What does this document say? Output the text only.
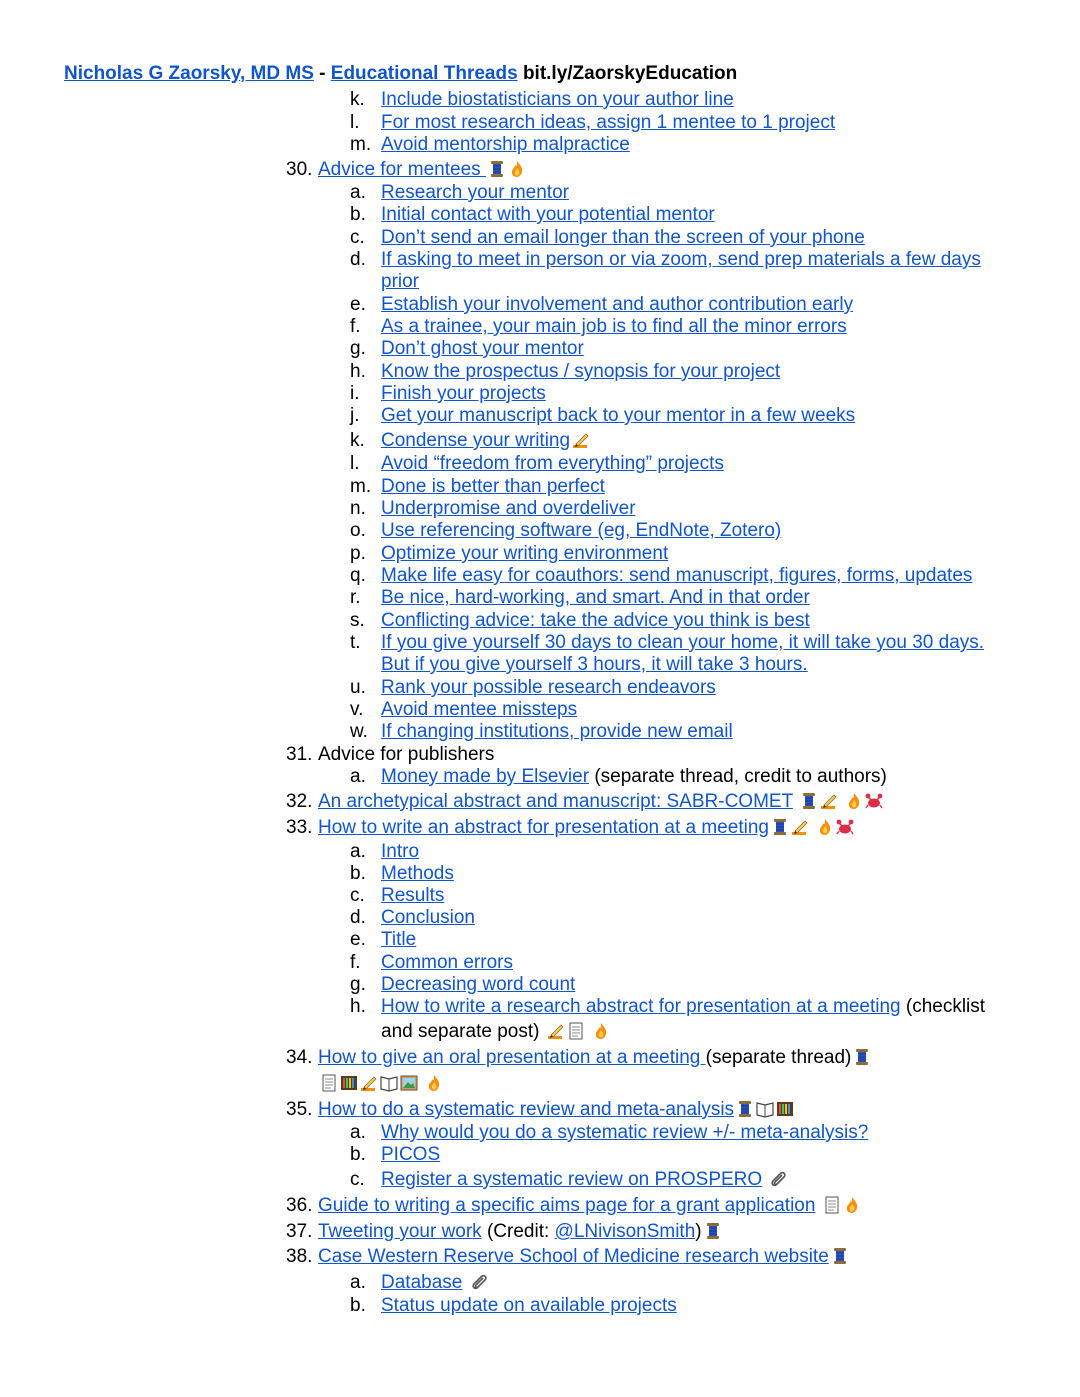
Nicholas G Zaorsky, MD MS - Educational Threads bit.ly/ZaorskyEducation
k. Include biostatisticians on your author line
l. For most research ideas, assign 1 mentee to 1 project
m. Avoid mentorship malpractice
30. Advice for mentees
a. Research your mentor
b. Initial contact with your potential mentor
c. Don’t send an email longer than the screen of your phone
d. If asking to meet in person or via zoom, send prep materials a few days
prior
e. Establish your involvement and author contribution early
f. As a trainee, your main job is to find all the minor errors
g. Don’t ghost your mentor
h. Know the prospectus / synopsis for your project
i. Finish your projects
j. Get your manuscript back to your mentor in a few weeks
k. Condense your writing
l. Avoid “freedom from everything” projects
m. Done is better than perfect
n. Underpromise and overdeliver
o. Use referencing software (eg, EndNote, Zotero)
p. Optimize your writing environment
q. Make life easy for coauthors: send manuscript, figures, forms, updates
r. Be nice, hard-working, and smart. And in that order
s. Conflicting advice: take the advice you think is best
t. If you give yourself 30 days to clean your home, it will take you 30 days.
But if you give yourself 3 hours, it will take 3 hours.
u. Rank your possible research endeavors
v. Avoid mentee missteps
w. If changing institutions, provide new email
31. Advice for publishers
a. Money made by Elsevier (separate thread, credit to authors)
32. An archetypical abstract and manuscript: SABR-COMET
33. How to write an abstract for presentation at a meeting
a. Intro
b. Methods
c. Results
d. Conclusion
e. Title
f. Common errors
g. Decreasing word count
h. How to write a research abstract for presentation at a meeting (checklist
and separate post)
34. How to give an oral presentation at a meeting (separate thread)

35. How to do a systematic review and meta-analysis
a. Why would you do a systematic review +/- meta-analysis?
b. PICOS
c. Register a systematic review on PROSPERO
36. Guide to writing a specific aims page for a grant application
37. Tweeting your work (Credit: @LNivisonSmith)
38. Case Western Reserve School of Medicine research website
a. Database
b. Status update on available projects
